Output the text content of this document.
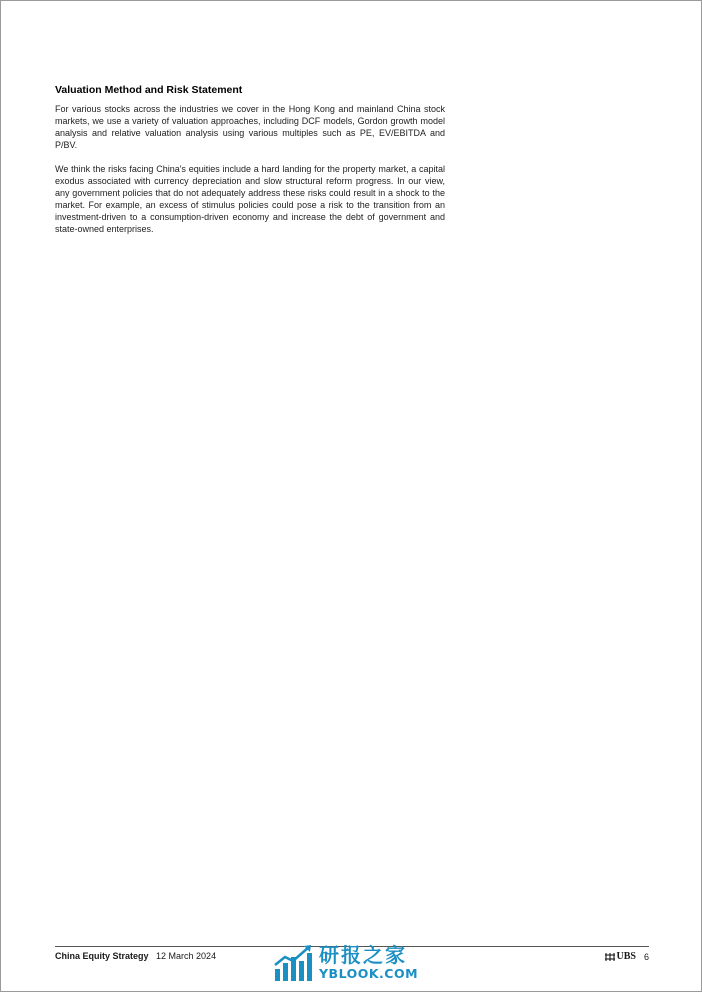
Valuation Method and Risk Statement

For various stocks across the industries we cover in the Hong Kong and mainland China stock markets, we use a variety of valuation approaches, including DCF models, Gordon growth model analysis and relative valuation analysis using various multiples such as PE, EV/EBITDA and P/BV.

We think the risks facing China's equities include a hard landing for the property market, a capital exodus associated with currency depreciation and slow structural reform progress. In our view, any government policies that do not adequately address these risks could result in a shock to the market. For example, an excess of stimulus policies could pose a risk to the transition from an investment-driven to a consumption-driven economy and increase the debt of government and state-owned enterprises.

China Equity Strategy 12 March 2024	UBS 6
研报之家
YBLOOK.COM
